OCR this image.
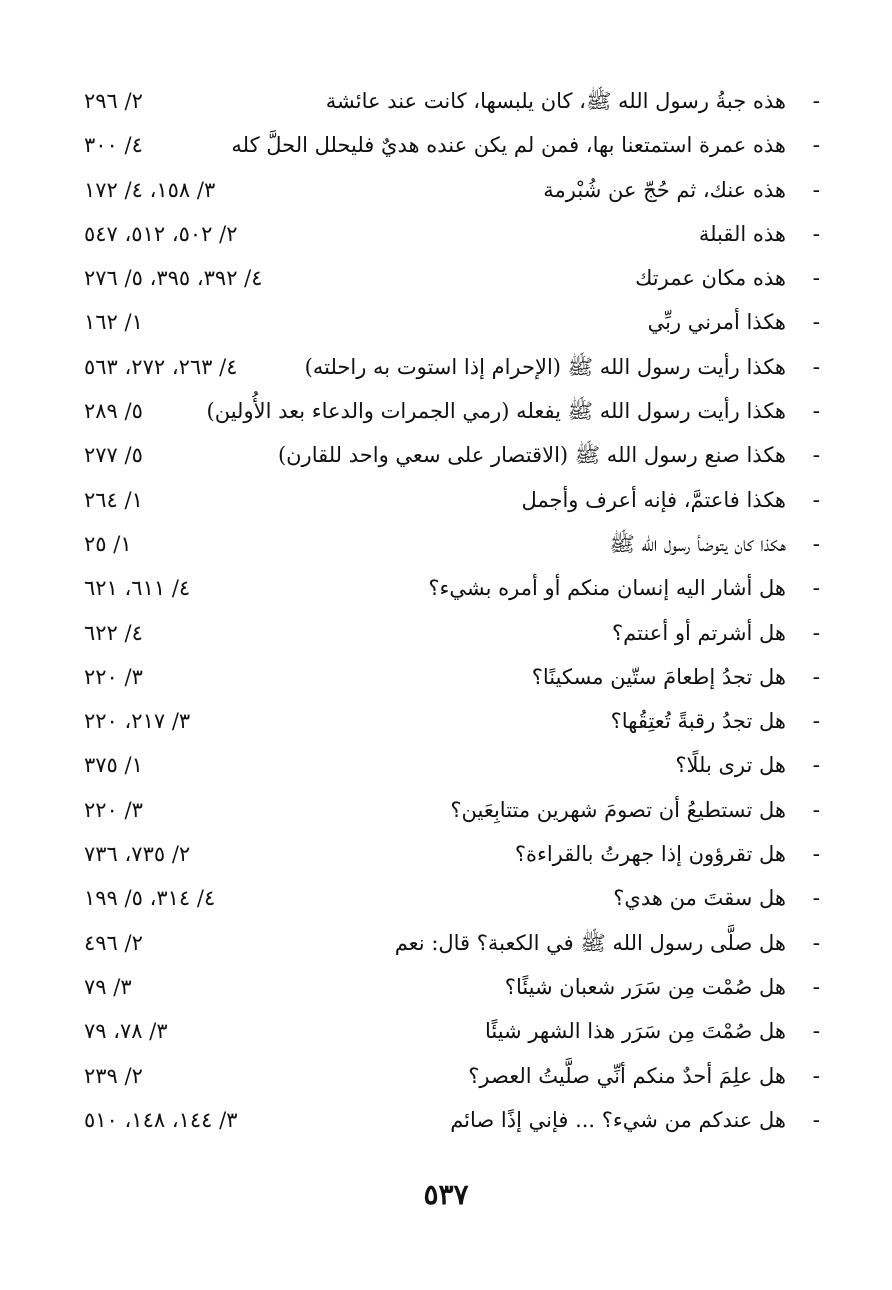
-
هذه جبةُ رسول الله ﷺ، كان يلبسها، كانت عند عائشة
٢/ ٢٩٦
-
هذه عمرة استمتعنا بها، فمن لم يكن عنده هديٌ فليحلل الحلَّ كله
٤/ ٣٠٠
-
هذه عنك، ثم حُجّ عن شُبْرمة
٣/ ١٥٨، ٤/ ١٧٢
-
هذه القبلة
٢/ ٥٠٢، ٥١٢، ٥٤٧
-
هذه مكان عمرتك
٤/ ٣٩٢، ٣٩٥، ٥/ ٢٧٦
-
هكذا أمرني ربِّي
١/ ١٦٢
-
هكذا رأيت رسول الله ﷺ (الإحرام إذا استوت به راحلته)
٤/ ٢٦٣، ٢٧٢، ٥٦٣
-
هكذا رأيت رسول الله ﷺ يفعله (رمي الجمرات والدعاء بعد الأُولين)
٥/ ٢٨٩
-
هكذا صنع رسول الله ﷺ (الاقتصار على سعي واحد للقارن)
٥/ ٢٧٧
-
هكذا فاعتمَّ، فإنه أعرف وأجمل
١/ ٢٦٤
-
هكذا كان يتوضأ رسول الله ﷺ
١/ ٢٥
-
هل أشار اليه إنسان منكم أو أمره بشيء؟
٤/ ٦١١، ٦٢١
-
هل أشرتم أو أعنتم؟
٤/ ٦٢٢
-
هل تجدُ إطعامَ ستّين مسكينًا؟
٣/ ٢٢٠
-
هل تجدُ رقبةً تُعتِقُها؟
٣/ ٢١٧، ٢٢٠
-
هل ترى بللًا؟
١/ ٣٧٥
-
هل تستطيعُ أن تصومَ شهرين متتابِعَين؟
٣/ ٢٢٠
-
هل تقرؤون إذا جهرتُ بالقراءة؟
٢/ ٧٣٥، ٧٣٦
-
هل سقتَ من هدي؟
٤/ ٣١٤، ٥/ ١٩٩
-
هل صلَّى رسول الله ﷺ في الكعبة؟ قال: نعم
٢/ ٤٩٦
-
هل صُمْت مِن سَرَر شعبان شيئًا؟
٣/ ٧٩
-
هل صُمْتَ مِن سَرَر هذا الشهر شيئًا
٣/ ٧٨، ٧٩
-
هل علِمَ أحدٌ منكم أنِّي صلَّيتُ العصر؟
٢/ ٢٣٩
-
هل عندكم من شيء؟ ... فإني إذًا صائم
٣/ ١٤٤، ١٤٨، ٥١٠
٥٣٧
